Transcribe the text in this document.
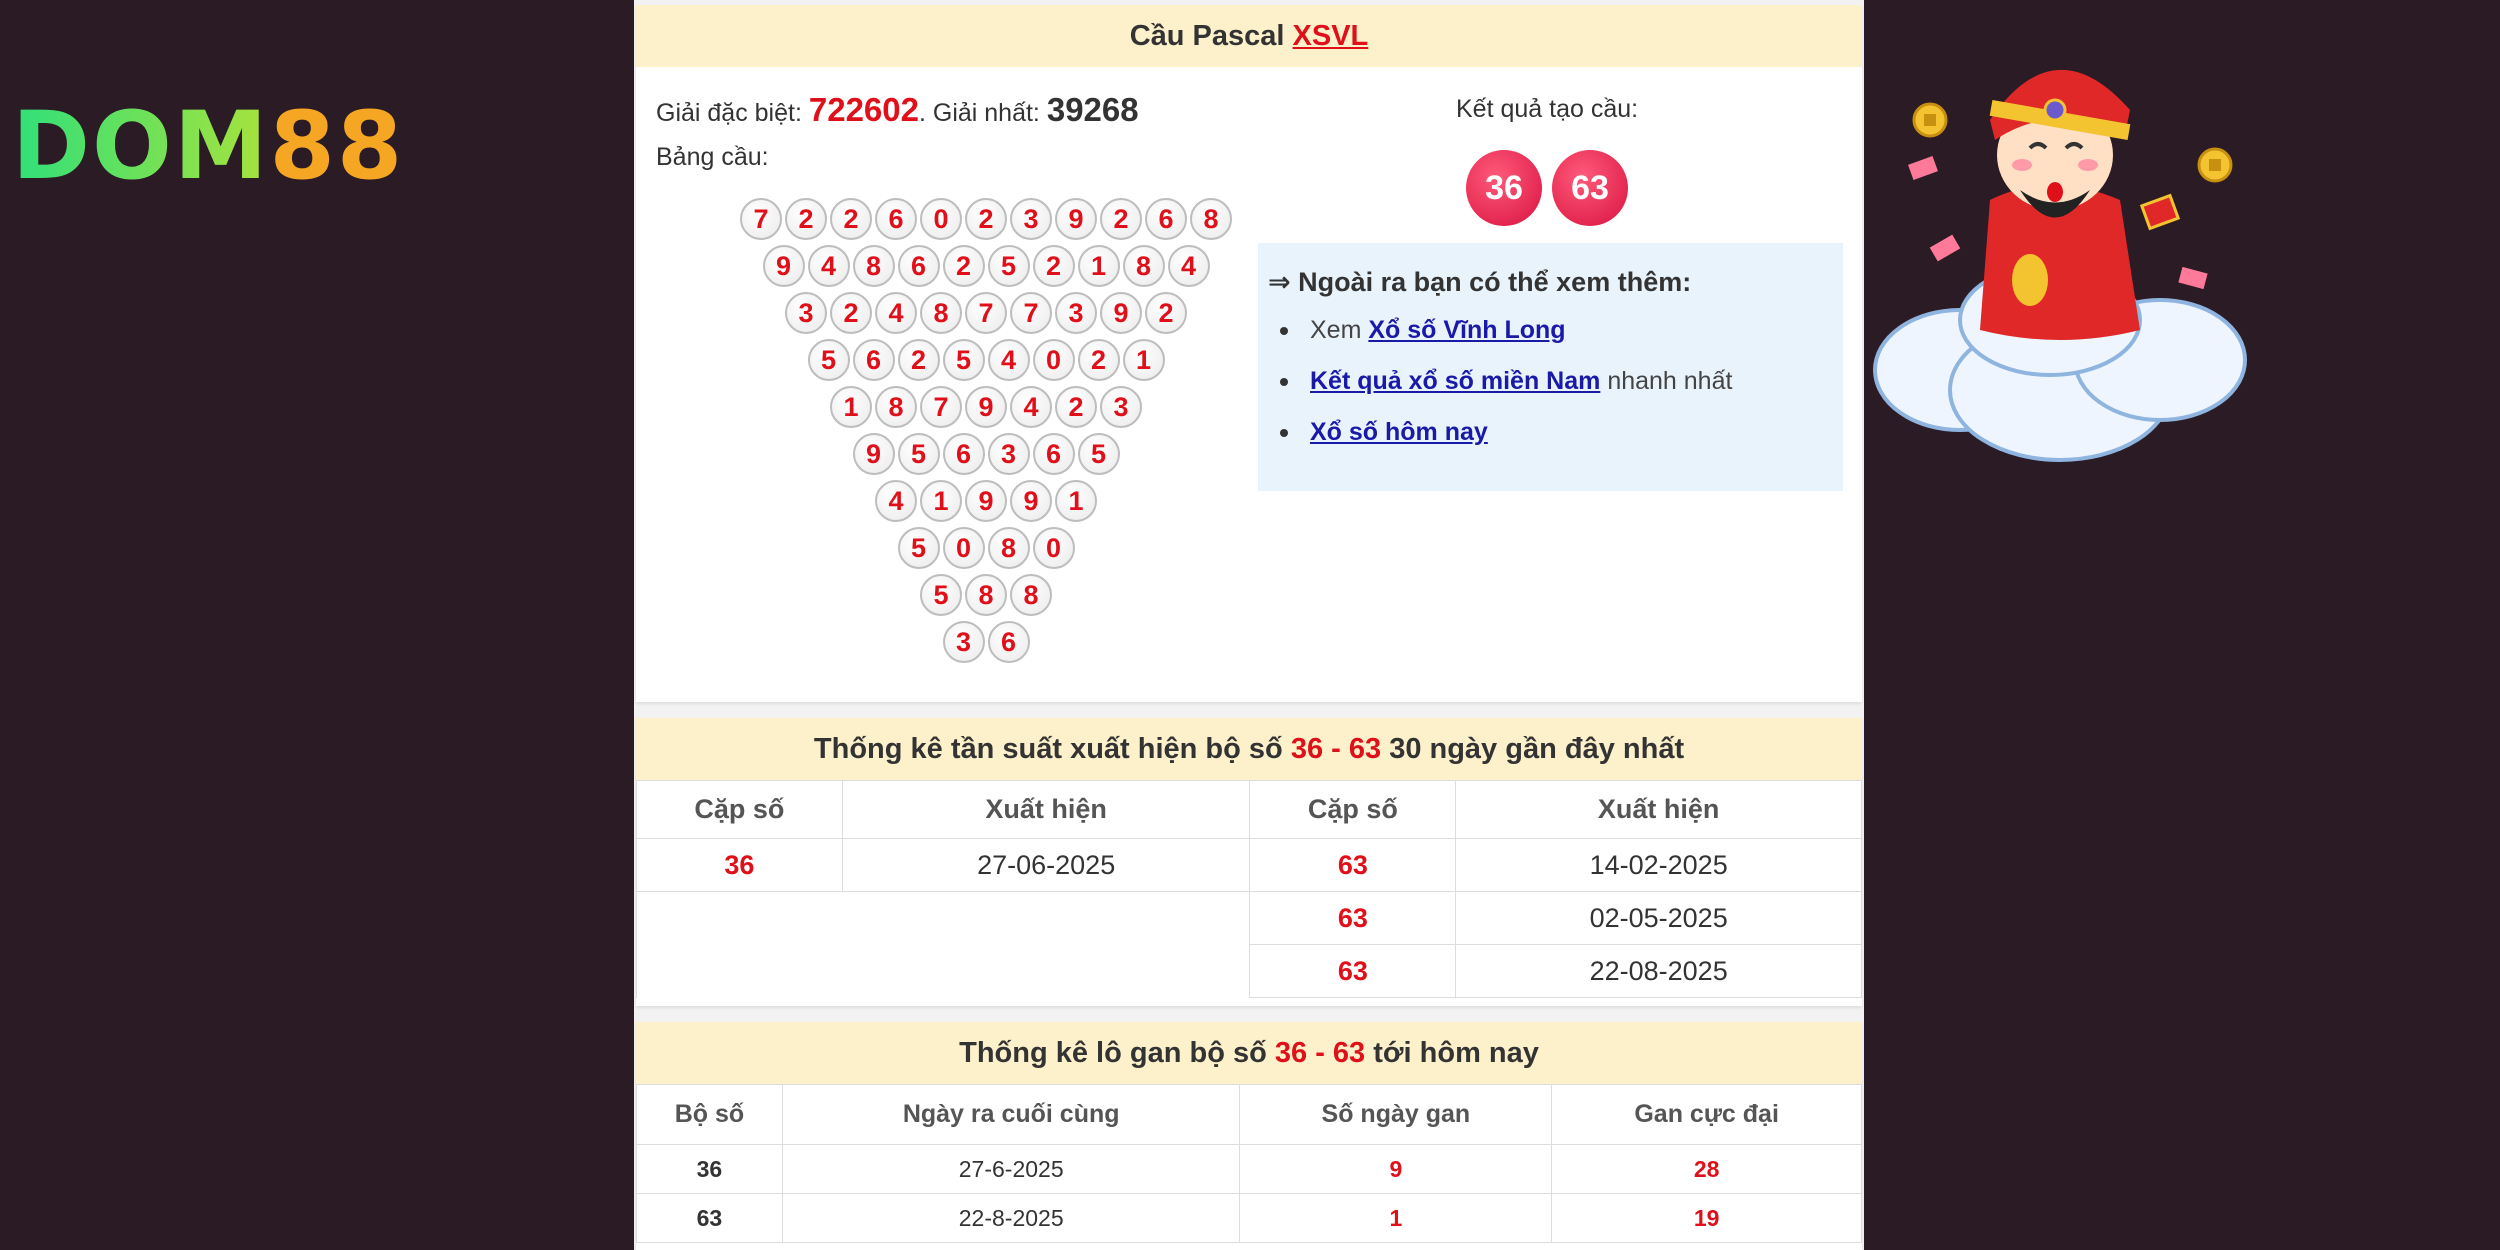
DOM88
Cầu Pascal
XSVL
Giải đặc biệt: 722602. Giải nhất: 39268
Bảng cầu:
7	2	2	6	0	2	3	9	2	6	8
9	4	8	6	2	5	2	1	8	4
3	2	4	8	7	7	3	9	2
5	6	2	5	4	0	2	1
1	8	7	9	4	2	3
9	5	6	3	6	5
4	1	9	9	1
5	0	8	0
5	8	8
3	6
Kết quả tạo cầu:
36	63
⇒ Ngoài ra bạn có thể xem thêm:
Xem
Xổ số Vĩnh Long
Kết quả xổ số miền Nam
nhanh nhất
Xổ số hôm nay
Thống kê tần suất xuất hiện bộ số
36 - 63
30 ngày gần đây nhất
Cặp số	Xuất hiện	Cặp số	Xuất hiện
36	27-06-2025	63	14-02-2025
		63	02-05-2025
		63	22-08-2025
Thống kê lô gan bộ số
36 - 63
tới hôm nay
Bộ số	Ngày ra cuối cùng	Số ngày gan	Gan cực đại
36	27-6-2025	9	28
63	22-8-2025	1	19
